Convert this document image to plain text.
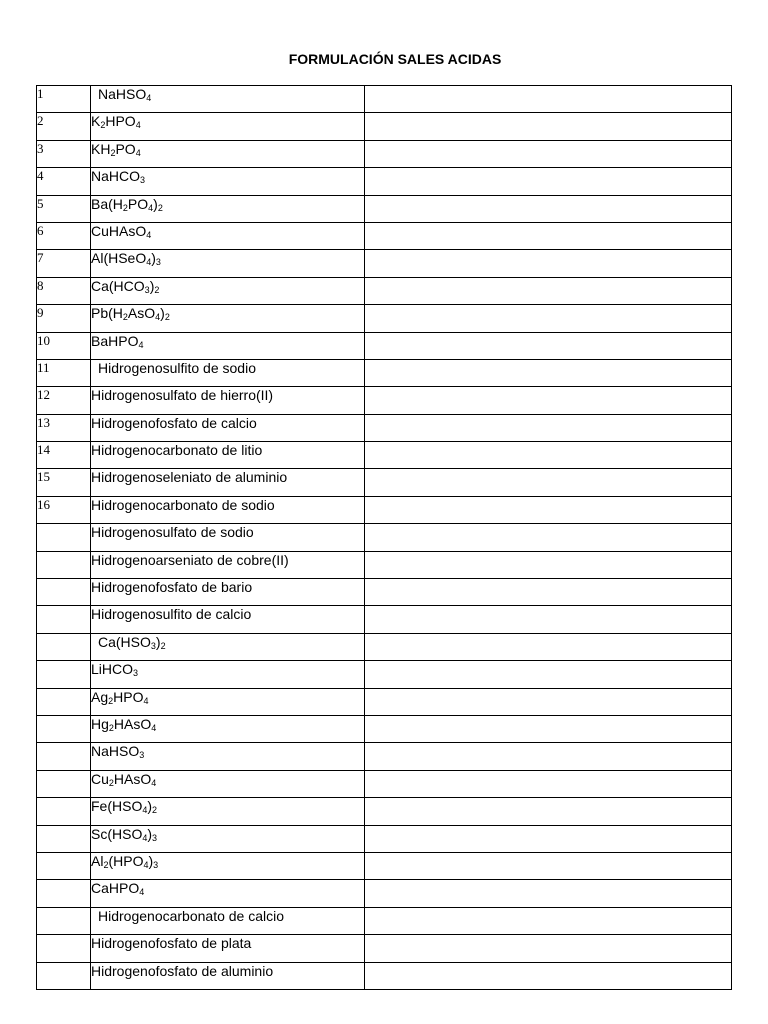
FORMULACIÓN SALES ACIDAS
1	NaHSO$_4$	
2	$K_2HPO_4$	
3	$KH_2PO_4$	
4	NaHCO$_3$	
5	$Ba(H_2PO_4)_2$	
6	CuHAsO$_4$	
7	$Al(HSeO_4)_3$	
8	$Ca(HCO_3)_2$	
9	$Pb(H_2AsO_4)_2$	
10	BaHPO$_4$	
11	Hidrogenosulfito de sodio	
12	Hidrogenosulfato de hierro(II)	
13	Hidrogenofosfato de calcio	
14	Hidrogenocarbonato de litio	
15	Hidrogenoseleniato de aluminio	
16	Hidrogenocarbonato de sodio	
	Hidrogenosulfato de sodio	
	Hidrogenoarseniato de cobre(II)	
	Hidrogenofosfato de bario	
	Hidrogenosulfito de calcio	
	$Ca(HSO_3)_2$	
	LiHCO$_3$	
	$Ag_2HPO_4$	
	$Hg_2HAsO_4$	
	NaHSO$_3$	
	$Cu_2HAsO_4$	
	$Fe(HSO_4)_2$	
	$Sc(HSO_4)_3$	
	$Al_2(HPO_4)_3$	
	CaHPO$_4$	
	Hidrogenocarbonato de calcio	
	Hidrogenofosfato de plata	
	Hidrogenofosfato de aluminio	
